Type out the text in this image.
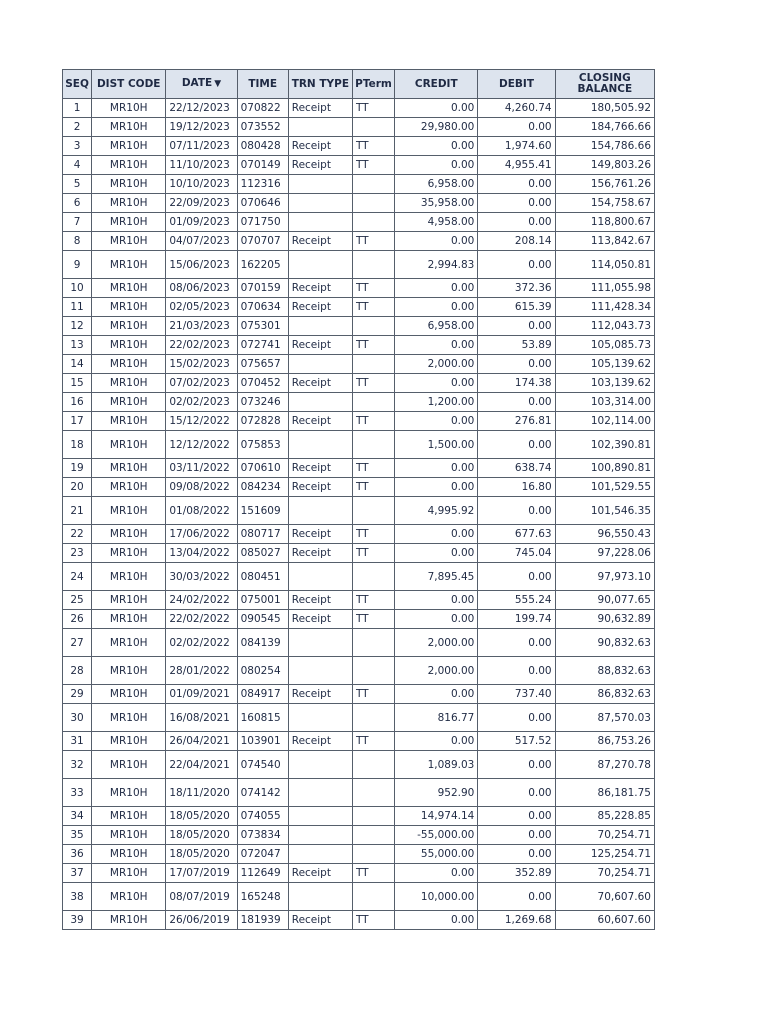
SEQ	DIST CODE	DATE ▼	TIME	TRN TYPE	PTerm	CREDIT	DEBIT	CLOSING
BALANCE
1	MR10H	22/12/2023	070822	Receipt	TT	0.00	4,260.74	180,505.92
2	MR10H	19/12/2023	073552			29,980.00	0.00	184,766.66
3	MR10H	07/11/2023	080428	Receipt	TT	0.00	1,974.60	154,786.66
4	MR10H	11/10/2023	070149	Receipt	TT	0.00	4,955.41	149,803.26
5	MR10H	10/10/2023	112316			6,958.00	0.00	156,761.26
6	MR10H	22/09/2023	070646			35,958.00	0.00	154,758.67
7	MR10H	01/09/2023	071750			4,958.00	0.00	118,800.67
8	MR10H	04/07/2023	070707	Receipt	TT	0.00	208.14	113,842.67
9	MR10H	15/06/2023	162205			2,994.83	0.00	114,050.81
10	MR10H	08/06/2023	070159	Receipt	TT	0.00	372.36	111,055.98
11	MR10H	02/05/2023	070634	Receipt	TT	0.00	615.39	111,428.34
12	MR10H	21/03/2023	075301			6,958.00	0.00	112,043.73
13	MR10H	22/02/2023	072741	Receipt	TT	0.00	53.89	105,085.73
14	MR10H	15/02/2023	075657			2,000.00	0.00	105,139.62
15	MR10H	07/02/2023	070452	Receipt	TT	0.00	174.38	103,139.62
16	MR10H	02/02/2023	073246			1,200.00	0.00	103,314.00
17	MR10H	15/12/2022	072828	Receipt	TT	0.00	276.81	102,114.00
18	MR10H	12/12/2022	075853			1,500.00	0.00	102,390.81
19	MR10H	03/11/2022	070610	Receipt	TT	0.00	638.74	100,890.81
20	MR10H	09/08/2022	084234	Receipt	TT	0.00	16.80	101,529.55
21	MR10H	01/08/2022	151609			4,995.92	0.00	101,546.35
22	MR10H	17/06/2022	080717	Receipt	TT	0.00	677.63	96,550.43
23	MR10H	13/04/2022	085027	Receipt	TT	0.00	745.04	97,228.06
24	MR10H	30/03/2022	080451			7,895.45	0.00	97,973.10
25	MR10H	24/02/2022	075001	Receipt	TT	0.00	555.24	90,077.65
26	MR10H	22/02/2022	090545	Receipt	TT	0.00	199.74	90,632.89
27	MR10H	02/02/2022	084139			2,000.00	0.00	90,832.63
28	MR10H	28/01/2022	080254			2,000.00	0.00	88,832.63
29	MR10H	01/09/2021	084917	Receipt	TT	0.00	737.40	86,832.63
30	MR10H	16/08/2021	160815			816.77	0.00	87,570.03
31	MR10H	26/04/2021	103901	Receipt	TT	0.00	517.52	86,753.26
32	MR10H	22/04/2021	074540			1,089.03	0.00	87,270.78
33	MR10H	18/11/2020	074142			952.90	0.00	86,181.75
34	MR10H	18/05/2020	074055			14,974.14	0.00	85,228.85
35	MR10H	18/05/2020	073834			-55,000.00	0.00	70,254.71
36	MR10H	18/05/2020	072047			55,000.00	0.00	125,254.71
37	MR10H	17/07/2019	112649	Receipt	TT	0.00	352.89	70,254.71
38	MR10H	08/07/2019	165248			10,000.00	0.00	70,607.60
39	MR10H	26/06/2019	181939	Receipt	TT	0.00	1,269.68	60,607.60
